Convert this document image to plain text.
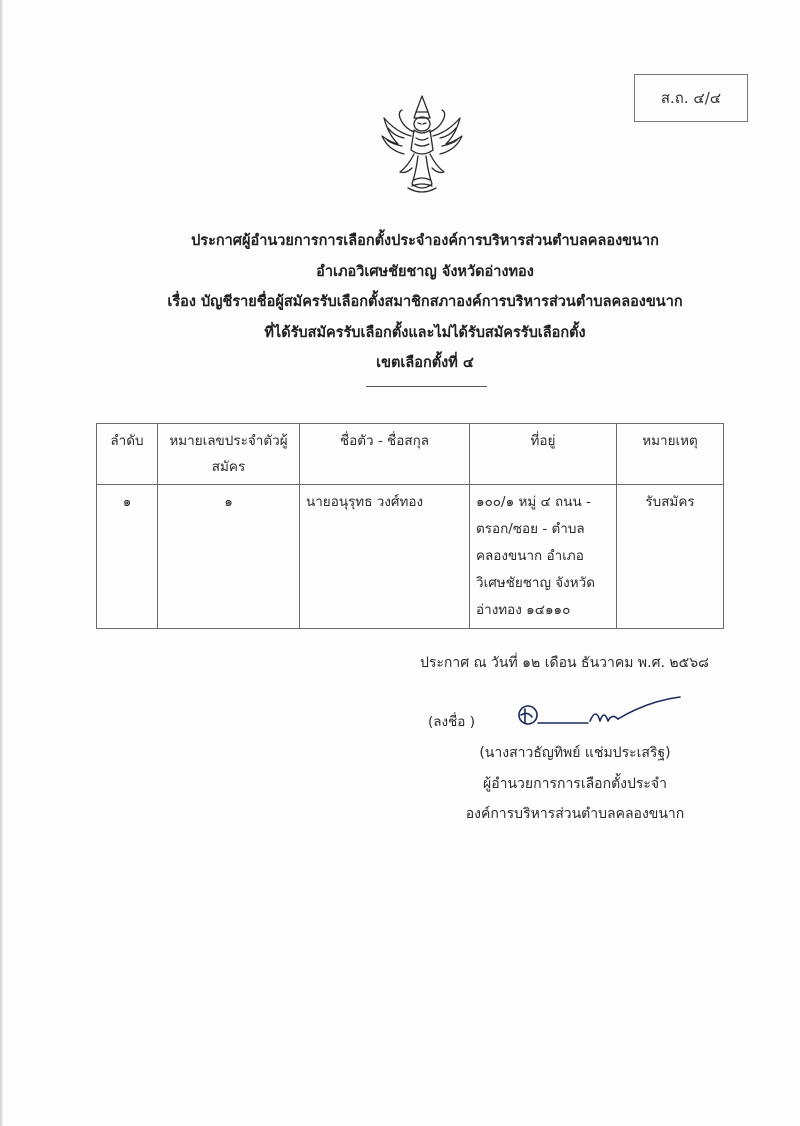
ส.ถ. ๔/๔
ประกาศผู้อำนวยการการเลือกตั้งประจำองค์การบริหารส่วนตำบลคลองขนาก
อำเภอวิเศษชัยชาญ จังหวัดอ่างทอง
เรื่อง บัญชีรายชื่อผู้สมัครรับเลือกตั้งสมาชิกสภาองค์การบริหารส่วนตำบลคลองขนาก
ที่ได้รับสมัครรับเลือกตั้งและไม่ได้รับสมัครรับเลือกตั้ง
เขตเลือกตั้งที่ ๔
ลำดับ	หมายเลขประจำตัวผู้สมัคร	ชื่อตัว - ชื่อสกุล	ที่อยู่	หมายเหตุ
๑	๑	นายอนุรุทธ วงศ์ทอง	๑๐๐/๑ หมู่ ๔ ถนน - ตรอก/ซอย - ตำบล คลองขนาก อำเภอ วิเศษชัยชาญ จังหวัด อ่างทอง ๑๔๑๑๐	รับสมัคร
ประกาศ ณ วันที่ ๑๒ เดือน ธันวาคม พ.ศ. ๒๕๖๘
(ลงชื่อ )
(นางสาวธัญทิพย์ แช่มประเสริฐ)
ผู้อำนวยการการเลือกตั้งประจำ
องค์การบริหารส่วนตำบลคลองขนาก
